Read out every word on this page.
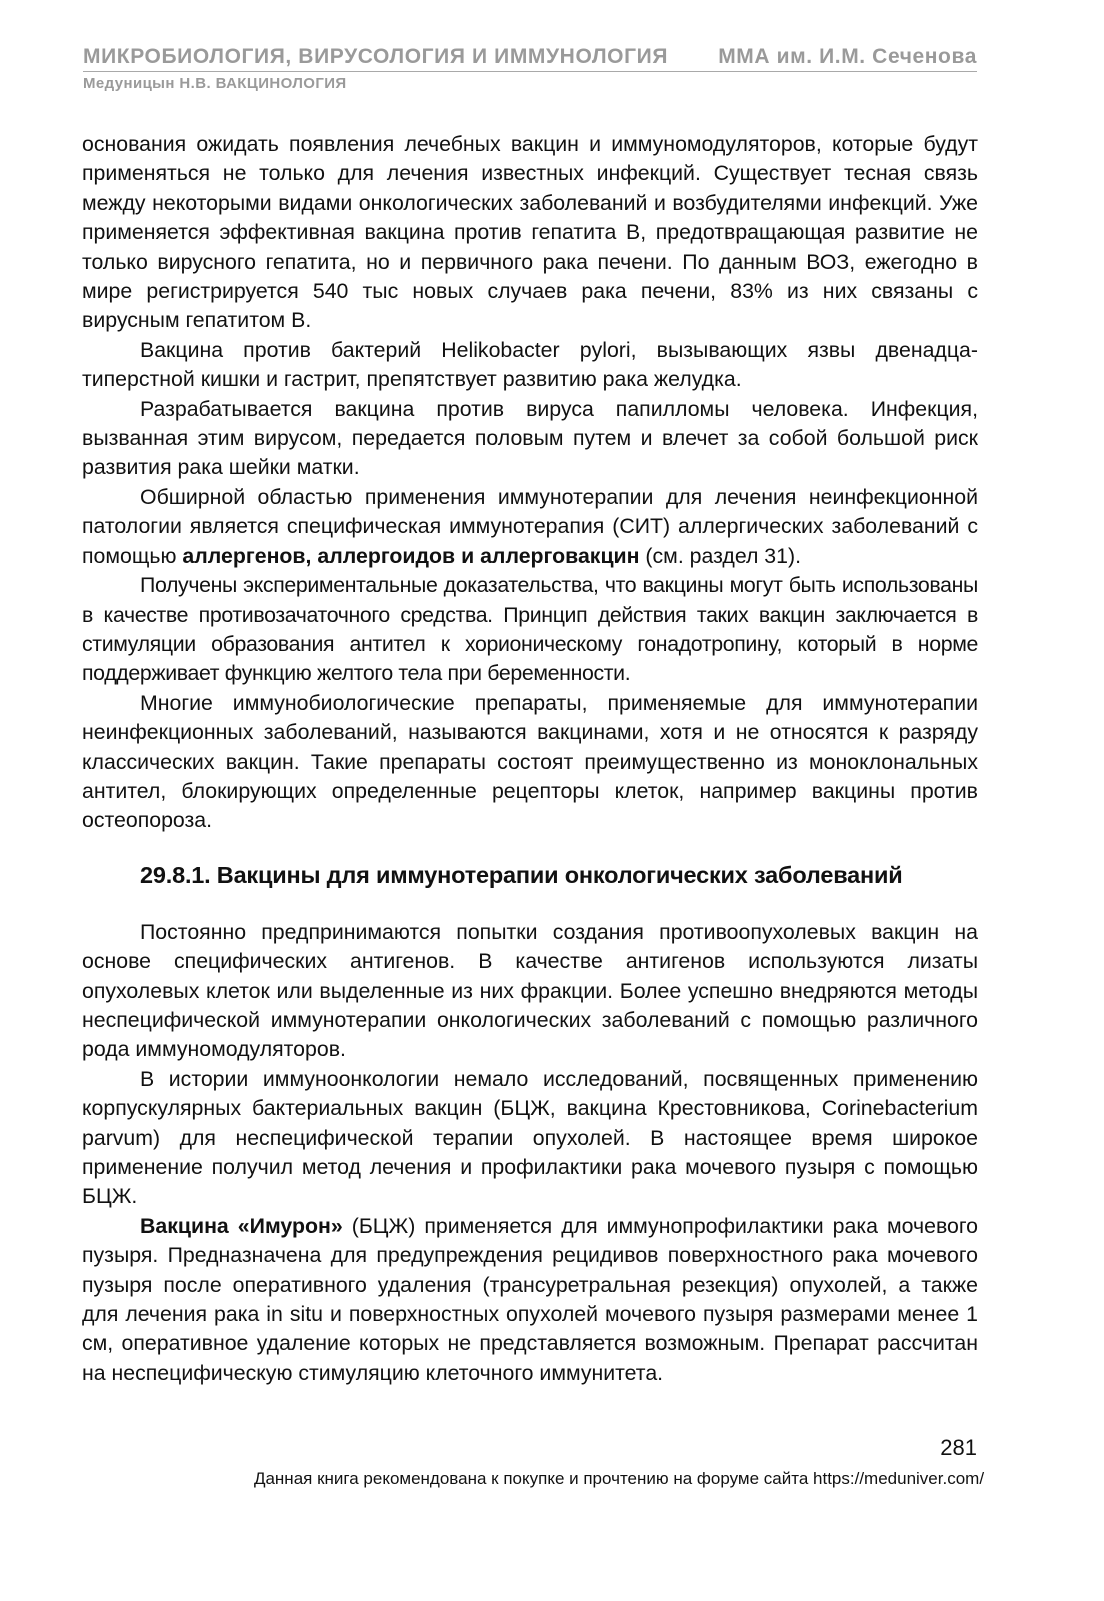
МИКРОБИОЛОГИЯ, ВИРУСОЛОГИЯ И ИММУНОЛОГИЯ ММА им. И.М. Сеченова
Медуницын Н.В. ВАКЦИНОЛОГИЯ

основания ожидать появления лечебных вакцин и иммуномодуляторов, которые будут применяться не только для лечения известных инфекций. Существует тесная связь между некоторыми видами онкологических заболеваний и возбудителями инфекций. Уже применяется эффективная вакцина против гепатита В, предотвращающая развитие не только вирусного гепатита, но и первичного рака печени. По данным ВОЗ, ежегодно в мире регистрируется 540 тыс новых случаев рака печени, 83% из них связаны с вирусным гепатитом В.

Вакцина против бактерий Helikobacter pylori, вызывающих язвы двенадцатиперстной кишки и гастрит, препятствует развитию рака желудка.

Разрабатывается вакцина против вируса папилломы человека. Инфекция, вызванная этим вирусом, передается половым путем и влечет за собой большой риск развития рака шейки матки.

Обширной областью применения иммунотерапии для лечения неинфекционной патологии является специфическая иммунотерапия (СИТ) аллергических заболеваний с помощью аллергенов, аллергоидов и аллерговакцин (см. раздел 31).

Получены экспериментальные доказательства, что вакцины могут быть использованы в качестве противозачаточного средства. Принцип действия таких вакцин заключается в стимуляции образования антител к хорионическому гонадотропину, который в норме поддерживает функцию желтого тела при беременности.

Многие иммунобиологические препараты, применяемые для иммунотерапии неинфекционных заболеваний, называются вакцинами, хотя и не относятся к разряду классических вакцин. Такие препараты состоят преимущественно из моноклональных антител, блокирующих определенные рецепторы клеток, например вакцины против остеопороза.

29.8.1. Вакцины для иммунотерапии онкологических заболеваний

Постоянно предпринимаются попытки создания противоопухолевых вакцин на основе специфических антигенов. В качестве антигенов используются лизаты опухолевых клеток или выделенные из них фракции. Более успешно внедряются методы неспецифической иммунотерапии онкологических заболеваний с помощью различного рода иммуномодуляторов.

В истории иммуноонкологии немало исследований, посвященных применению корпускулярных бактериальных вакцин (БЦЖ, вакцина Крестовникова, Corinebacterium parvum) для неспецифической терапии опухолей. В настоящее время широкое применение получил метод лечения и профилактики рака мочевого пузыря с помощью БЦЖ.

Вакцина «Имурон» (БЦЖ) применяется для иммунопрофилактики рака мочевого пузыря. Предназначена для предупреждения рецидивов поверхностного рака мочевого пузыря после оперативного удаления (трансуретральная резекция) опухолей, а также для лечения рака in situ и поверхностных опухолей мочевого пузыря размерами менее 1 см, оперативное удаление которых не представляется возможным. Препарат рассчитан на неспецифическую стимуляцию клеточного иммунитета.

281
Данная книга рекомендована к покупке и прочтению на форуме сайта https://meduniver.com/
